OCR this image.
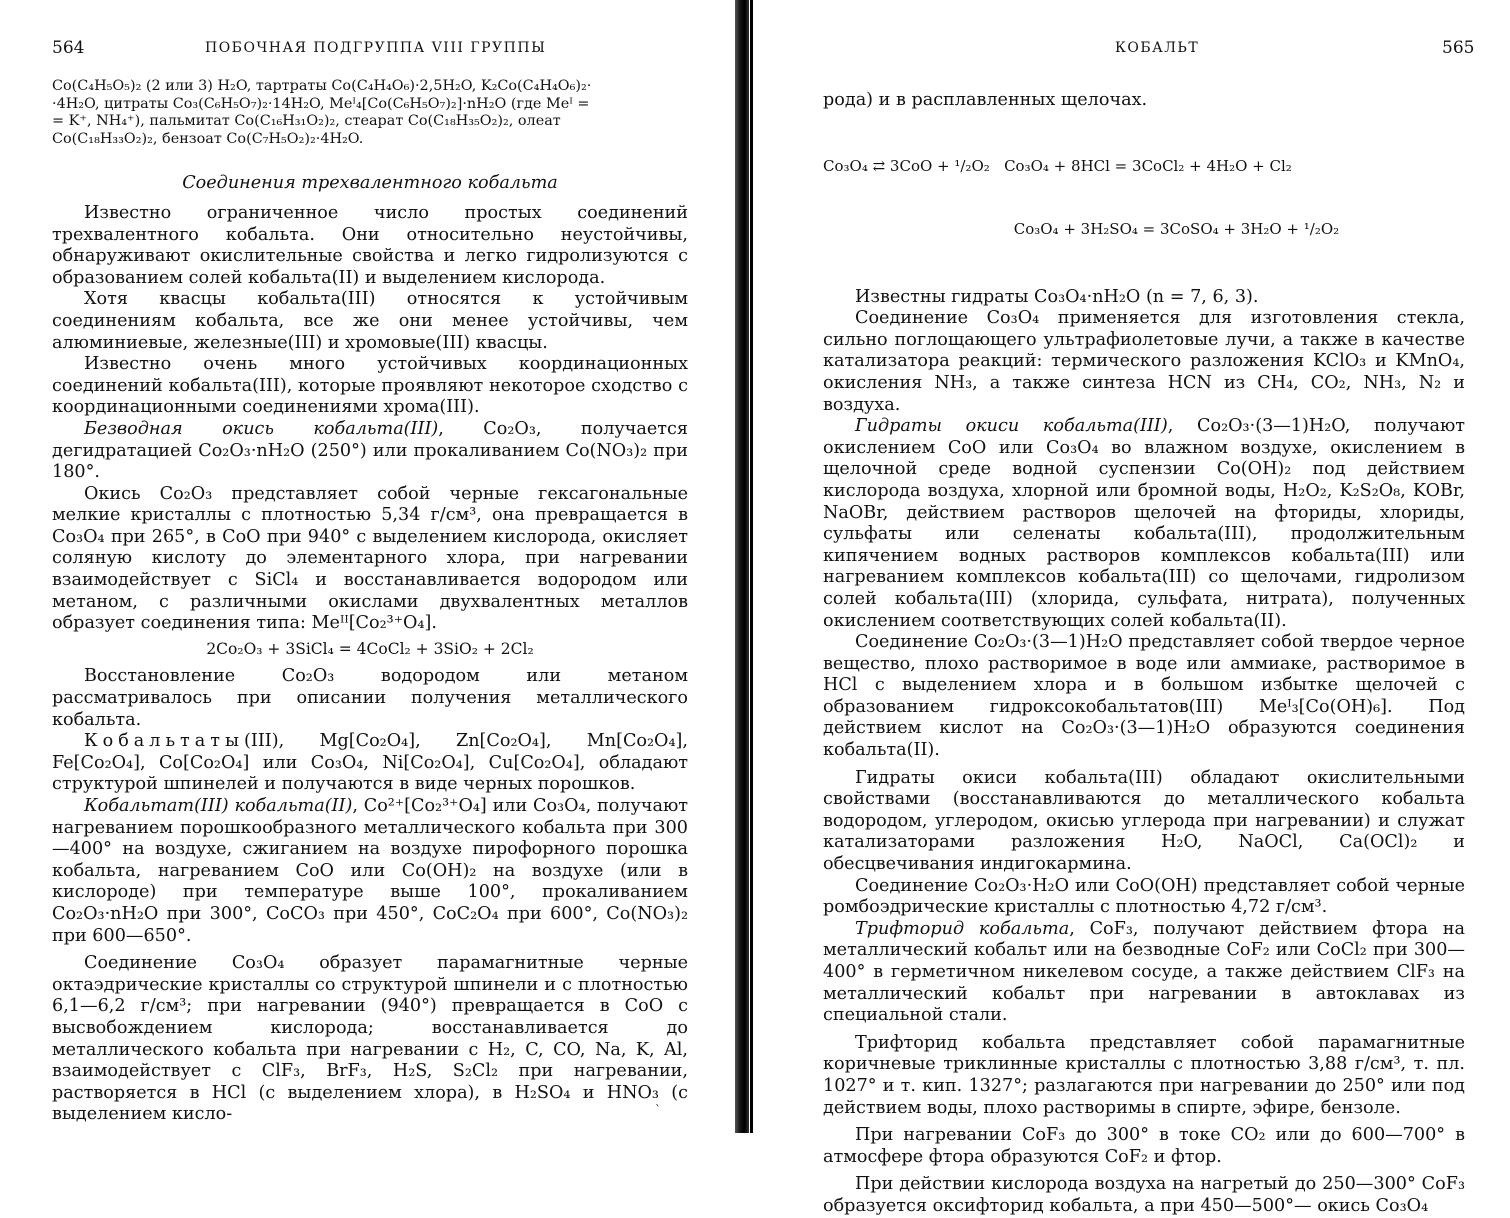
564	ПОБОЧНАЯ ПОДГРУППА VIII ГРУППЫ
Co(C₄H₅O₅)₂ (2 или 3) H₂O, тартраты Co(C₄H₄O₆)·2,5H₂O, K₂Co(C₄H₄O₆)₂·
·4H₂O, цитраты Co₃(C₆H₅O₇)₂·14H₂O, Meᴵ₄[Co(C₆H₅O₇)₂]·nH₂O (где Meᴵ =
= K⁺, NH₄⁺), пальмитат Co(C₁₆H₃₁O₂)₂, стеарат Co(C₁₈H₃₅O₂)₂, олеат
Co(C₁₈H₃₃O₂)₂, бензоат Co(C₇H₅O₂)₂·4H₂O.
Соединения трехвалентного кобальта

Известно ограниченное число простых соединений трехвалентного кобальта. Они относительно неустойчивы, обнаруживают окислительные свойства и легко гидролизуются с образованием солей кобальта(II) и выделением кислорода.

Хотя квасцы кобальта(III) относятся к устойчивым соединениям кобальта, все же они менее устойчивы, чем алюминиевые, железные(III) и хромовые(III) квасцы.

Известно очень много устойчивых координационных соединений кобальта(III), которые проявляют некоторое сходство с координационными соединениями хрома(III).

Безводная окись кобальта(III), Co₂O₃, получается дегидратацией Co₂O₃·nH₂O (250°) или прокаливанием Co(NO₃)₂ при 180°.

Окись Co₂O₃ представляет собой черные гексагональные мелкие кристаллы с плотностью 5,34 г/см³, она превращается в Co₃O₄ при 265°, в CoO при 940° с выделением кислорода, окисляет соляную кислоту до элементарного хлора, при нагревании взаимодействует с SiCl₄ и восстанавливается водородом или метаном, с различными окислами двухвалентных металлов образует соединения типа: Meᴵᴵ[Co₂³⁺O₄].

2Co₂O₃ + 3SiCl₄ = 4CoCl₂ + 3SiO₂ + 2Cl₂

Восстановление Co₂O₃ водородом или метаном рассматривалось при описании получения металлического кобальта.

Кобальтаты(III), Mg[Co₂O₄], Zn[Co₂O₄], Mn[Co₂O₄], Fe[Co₂O₄], Co[Co₂O₄] или Co₃O₄, Ni[Co₂O₄], Cu[Co₂O₄], обладают структурой шпинелей и получаются в виде черных порошков.

Кобальтат(III) кобальта(II), Co²⁺[Co₂³⁺O₄] или Co₃O₄, получают нагреванием порошкообразного металлического кобальта при 300—400° на воздухе, сжиганием на воздухе пирофорного порошка кобальта, нагреванием CoO или Co(OH)₂ на воздухе (или в кислороде) при температуре выше 100°, прокаливанием Co₂O₃·nH₂O при 300°, CoCO₃ при 450°, CoC₂O₄ при 600°, Co(NO₃)₂ при 600—650°.

Соединение Co₃O₄ образует парамагнитные черные октаэдрические кристаллы со структурой шпинели и с плотностью 6,1—6,2 г/см³; при нагревании (940°) превращается в CoO с высвобождением кислорода; восстанавливается до металлического кобальта при нагревании с H₂, C, CO, Na, K, Al, взаимодействует с ClF₃, BrF₃, H₂S, S₂Cl₂ при нагревании, растворяется в HCl (с выделением хлора), в H₂SO₄ и HNO₃ (с выделением кисло-	ˋ
КОБАЛЬТ	565

рода) и в расплавленных щелочах.

Co₃O₄ ⇄ 3CoO + ¹/₂O₂   Co₃O₄ + 8HCl = 3CoCl₂ + 4H₂O + Cl₂

Co₃O₄ + 3H₂SO₄ = 3CoSO₄ + 3H₂O + ¹/₂O₂

Известны гидраты Co₃O₄·nH₂O (n = 7, 6, 3).

Соединение Co₃O₄ применяется для изготовления стекла, сильно поглощающего ультрафиолетовые лучи, а также в качестве катализатора реакций: термического разложения KClO₃ и KMnO₄, окисления NH₃, а также синтеза HCN из CH₄, CO₂, NH₃, N₂ и воздуха.

Гидраты окиси кобальта(III), Co₂O₃·(3—1)H₂O, получают окислением CoO или Co₃O₄ во влажном воздухе, окислением в щелочной среде водной суспензии Co(OH)₂ под действием кислорода воздуха, хлорной или бромной воды, H₂O₂, K₂S₂O₈, KOBr, NaOBr, действием растворов щелочей на фториды, хлориды, сульфаты или селенаты кобальта(III), продолжительным кипячением водных растворов комплексов кобальта(III) или нагреванием комплексов кобальта(III) со щелочами, гидролизом солей кобальта(III) (хлорида, сульфата, нитрата), полученных окислением соответствующих солей кобальта(II).

Соединение Co₂O₃·(3—1)H₂O представляет собой твердое черное вещество, плохо растворимое в воде или аммиаке, растворимое в HCl с выделением хлора и в большом избытке щелочей с образованием гидроксокобальтатов(III) Meᴵ₃[Co(OH)₆]. Под действием кислот на Co₂O₃·(3—1)H₂O образуются соединения кобальта(II).

Гидраты окиси кобальта(III) обладают окислительными свойствами (восстанавливаются до металлического кобальта водородом, углеродом, окисью углерода при нагревании) и служат катализаторами разложения H₂O, NaOCl, Ca(OCl)₂ и обесцвечивания индигокармина.

Соединение Co₂O₃·H₂O или CoO(OH) представляет собой черные ромбоэдрические кристаллы с плотностью 4,72 г/см³.

Трифторид кобальта, CoF₃, получают действием фтора на металлический кобальт или на безводные CoF₂ или CoCl₂ при 300—400° в герметичном никелевом сосуде, а также действием ClF₃ на металлический кобальт при нагревании в автоклавах из специальной стали.

Трифторид кобальта представляет собой парамагнитные коричневые триклинные кристаллы с плотностью 3,88 г/см³, т. пл. 1027° и т. кип. 1327°; разлагаются при нагревании до 250° или под действием воды, плохо растворимы в спирте, эфире, бензоле.

При нагревании CoF₃ до 300° в токе CO₂ или до 600—700° в атмосфере фтора образуются CoF₂ и фтор.

При действии кислорода воздуха на нагретый до 250—300° CoF₃ образуется оксифторид кобальта, а при 450—500°— окись Co₃O₄
